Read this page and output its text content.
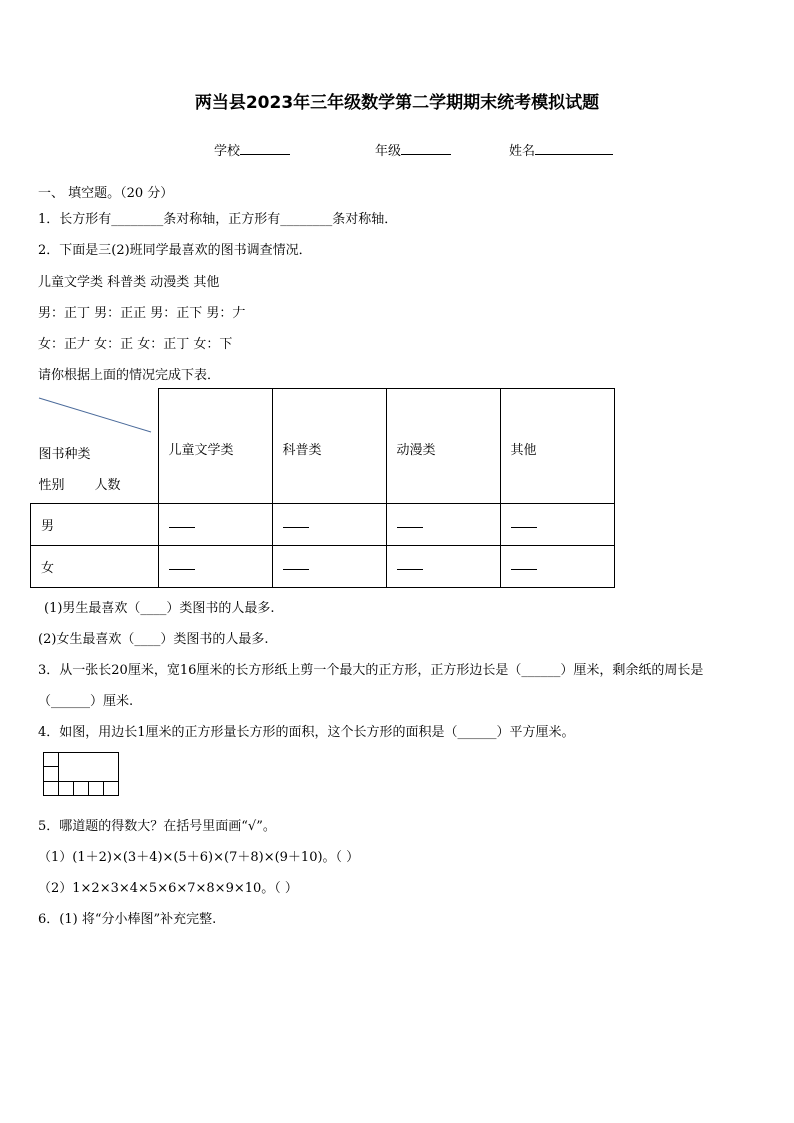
两当县2023年三年级数学第二学期期末统考模拟试题
学校	年级	姓名
一、 填空题。（20 分）
1．长方形有________条对称轴，正方形有________条对称轴．
2．下面是三(2)班同学最喜欢的图书调查情况．
儿童文学类 科普类 动漫类 其他
男：正丁 男：正正 男：正下 男：𠂇
女：正𠂇 女：正 女：正丁 女：下
请你根据上面的情况完成下表．
图书种类
性别 人数	儿童文学类	科普类	动漫类	其他
男				
女				
(1)男生最喜欢（____）类图书的人最多.
(2)女生最喜欢（____）类图书的人最多.
3．从一张长20厘米，宽16厘米的长方形纸上剪一个最大的正方形，正方形边长是（______）厘米，剩余纸的周长是
（______）厘米.
4．如图，用边长1厘米的正方形量长方形的面积，这个长方形的面积是（______）平方厘米。
5．哪道题的得数大？在括号里面画“√”。
（1）(1＋2)×(3＋4)×(5＋6)×(7＋8)×(9＋10)。（ ）
（2）1×2×3×4×5×6×7×8×9×10。（ ）
6．(1) 将“分小棒图”补充完整.
